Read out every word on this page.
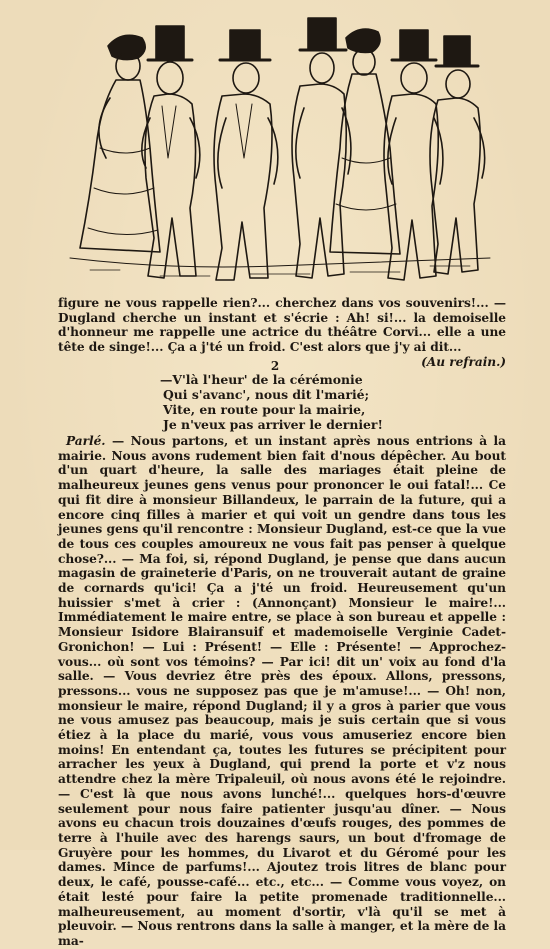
figure ne vous rappelle rien?... cherchez dans vos souvenirs!... — Dugland cherche un instant et s'écrie : Ah! si!... la demoiselle d'honneur me rappelle une actrice du théâtre Corvi... elle a une tête de singe!... Ça a j'té un froid. C'est alors que j'y ai dit...
(Au refrain.)
2
—V'là l'heur' de la cérémonie
Qui s'avanc', nous dit l'marié;
Vite, en route pour la mairie,
Je n'veux pas arriver le dernier!
Parlé. — Nous partons, et un instant après nous entrions à la mairie. Nous avons rudement bien fait d'nous dépêcher. Au bout d'un quart d'heure, la salle des mariages était pleine de malheureux jeunes gens venus pour prononcer le oui fatal!... Ce qui fit dire à monsieur Billandeux, le parrain de la future, qui a encore cinq filles à marier et qui voit un gendre dans tous les jeunes gens qu'il rencontre : Monsieur Dugland, est-ce que la vue de tous ces couples amoureux ne vous fait pas penser à quelque chose?... — Ma foi, si, répond Dugland, je pense que dans aucun magasin de graineterie d'Paris, on ne trouverait autant de graine de cornards qu'ici! Ça a j'té un froid. Heureusement qu'un huissier s'met à crier : (Annonçant) Monsieur le maire!... Immédiatement le maire entre, se place à son bureau et appelle : Monsieur Isidore Blairansuif et mademoiselle Verginie Cadet-Gronichon! — Lui : Présent! — Elle : Présente! — Approchez-vous... où sont vos témoins? — Par ici! dit un' voix au fond d'la salle. — Vous devriez être près des époux. Allons, pressons, pressons... vous ne supposez pas que je m'amuse!... — Oh! non, monsieur le maire, répond Dugland; il y a gros à parier que vous ne vous amusez pas beaucoup, mais je suis certain que si vous étiez à la place du marié, vous vous amuseriez encore bien moins! En entendant ça, toutes les futures se précipitent pour arracher les yeux à Dugland, qui prend la porte et v'z nous attendre chez la mère Tripaleuil, où nous avons été le rejoindre. — C'est là que nous avons lunché!... quelques hors-d'œuvre seulement pour nous faire patienter jusqu'au dîner. — Nous avons eu chacun trois douzaines d'œufs rouges, des pommes de terre à l'huile avec des harengs saurs, un bout d'fromage de Gruyère pour les hommes, du Livarot et du Géromé pour les dames. Mince de parfums!... Ajoutez trois litres de blanc pour deux, le café, pousse-café... etc., etc... — Comme vous voyez, on était lesté pour faire la petite promenade traditionnelle... malheureusement, au moment d'sortir, v'là qu'il se met à pleuvoir. — Nous rentrons dans la salle à manger, et la mère de la ma-
